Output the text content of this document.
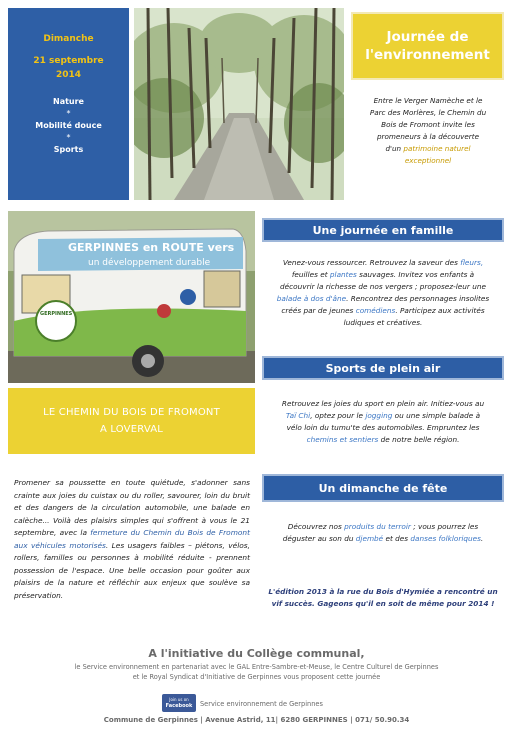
Dimanche
21 septembre
2014
Nature
*
Mobilité douce
*
Sports
Journée de
l'environnement
Entre le Verger Namèche et le
Parc des Morlères, le Chemin du
Bois de Fromont invite les
promeneurs à la découverte
d'un patrimoine naturel
exceptionnel
GERPINNES en ROUTE vers
un développement durable
GERPINNES
Une journée en famille
Venez-vous ressourcer. Retrouvez la saveur des fleurs,
feuilles et plantes sauvages. Invitez vos enfants à
découvrir la richesse de nos vergers ; proposez-leur une
balade à dos d'âne. Rencontrez des personnages insolites
créés par de jeunes comédiens. Participez aux activités
ludiques et créatives.
Sports de plein air
Retrouvez les joies du sport en plein air. Initiez-vous au
Taï Chi, optez pour le jogging ou une simple balade à
vélo loin du tumu'te des automobiles. Empruntez les
chemins et sentiers de notre belle région.
LE CHEMIN DU BOIS DE FROMONT
A LOVERVAL
Promener sa poussette en toute quiétude, s'adonner sans crainte aux joies du cuistax ou du roller, savourer, loin du bruit et des dangers de la circulation automobile, une balade en calèche... Voilà des plaisirs simples qui s'offrent à vous le 21 septembre, avec la fermeture du Chemin du Bois de Fromont aux véhicules motorisés. Les usagers faibles – piétons, vélos, rollers, familles ou personnes à mobilité réduite - prennent possession de l'espace. Une belle occasion pour goûter aux plaisirs de la nature et réfléchir aux enjeux que soulève sa préservation.
Un dimanche de fête
Découvrez nos produits du terroir ; vous pourrez les
déguster au son du djembé et des danses folkloriques.
L'édition 2013 à la rue du Bois d'Hymiée a rencontré un
vif succès. Gageons qu'il en soit de même pour 2014 !
A l'initiative du Collège communal,
le Service environnement en partenariat avec le GAL Entre-Sambre-et-Meuse, le Centre Culturel de Gerpinnes
et le Royal Syndicat d'Initiative de Gerpinnes vous proposent cette journée
Join us on
Facebook Service environnement de Gerpinnes
Commune de Gerpinnes | Avenue Astrid, 11| 6280 GERPINNES | 071/ 50.90.34
